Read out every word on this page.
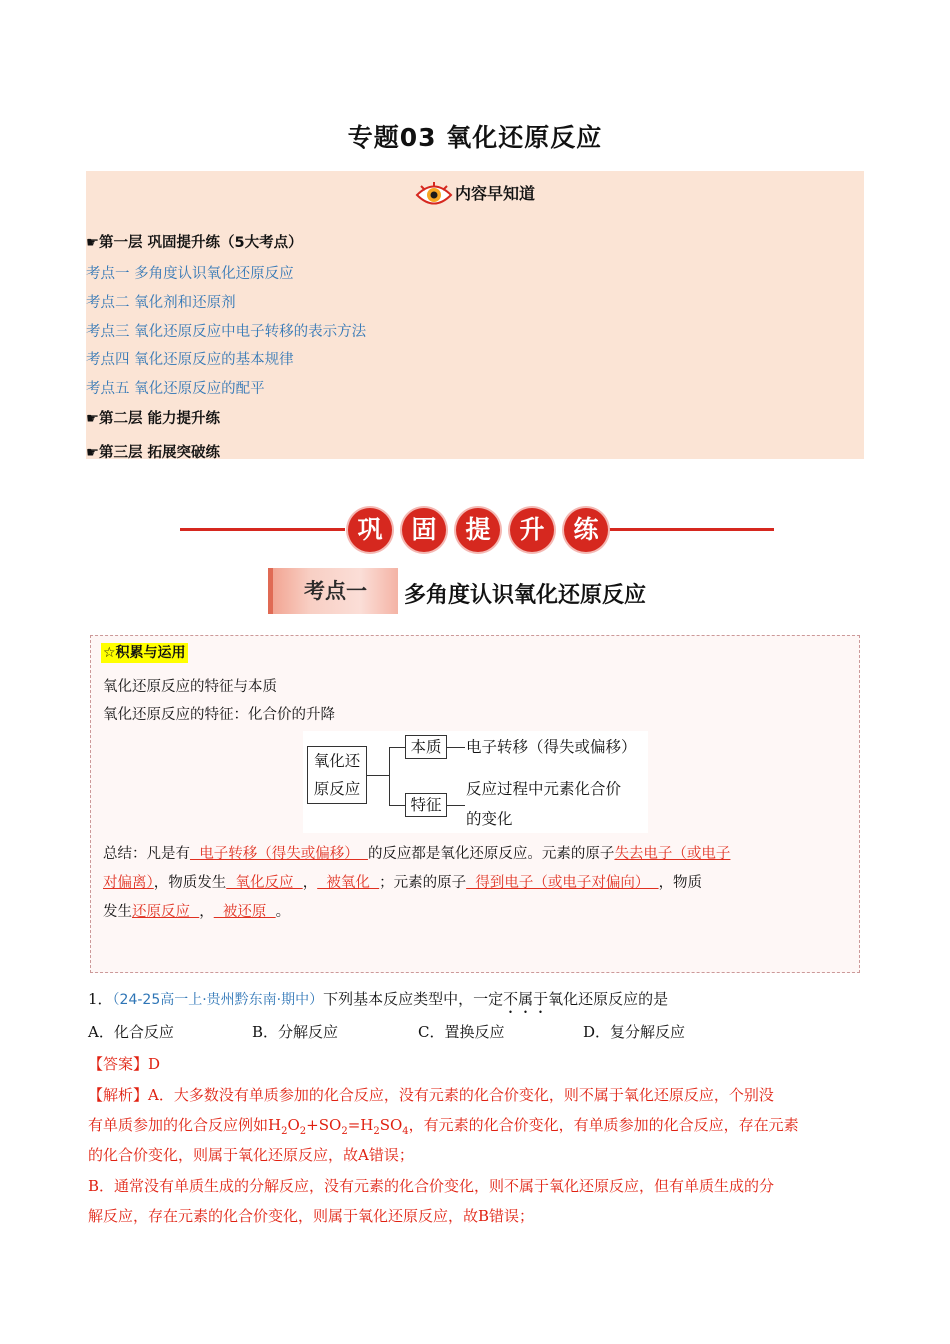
专题03 氧化还原反应
内容早知道
☛第一层 巩固提升练（5大考点）
考点一 多角度认识氧化还原反应
考点二 氧化剂和还原剂
考点三 氧化还原反应中电子转移的表示方法
考点四 氧化还原反应的基本规律
考点五 氧化还原反应的配平
☛第二层 能力提升练
☛第三层 拓展突破练
巩	固	提	升	练
考点一	多角度认识氧化还原反应
☆积累与运用
氧化还原反应的特征与本质
氧化还原反应的特征：化合价的升降
氧化还
原反应
本质	电子转移（得失或偏移）
特征
反应过程中元素化合价
的变化
总结：凡是有  电子转移（得失或偏移）  的反应都是氧化还原反应。元素的原子失去电子（或电子
对偏离），物质发生  氧化反应  ，  被氧化  ；元素的原子  得到电子（或电子对偏向）  ，物质
发生还原反应  ，  被还原  。
1．（24-25高一上·贵州黔东南·期中）下列基本反应类型中，一定不属于氧化还原反应的是
A．化合反应	B．分解反应	C．置换反应	D．复分解反应
【答案】D
【解析】A．大多数没有单质参加的化合反应，没有元素的化合价变化，则不属于氧化还原反应，个别没
有单质参加的化合反应例如$H_2O_2+SO_2=H_2SO_4$，有元素的化合价变化，有单质参加的化合反应，存在元素
的化合价变化，则属于氧化还原反应，故A错误；
B．通常没有单质生成的分解反应，没有元素的化合价变化，则不属于氧化还原反应，但有单质生成的分
解反应，存在元素的化合价变化，则属于氧化还原反应，故B错误；
